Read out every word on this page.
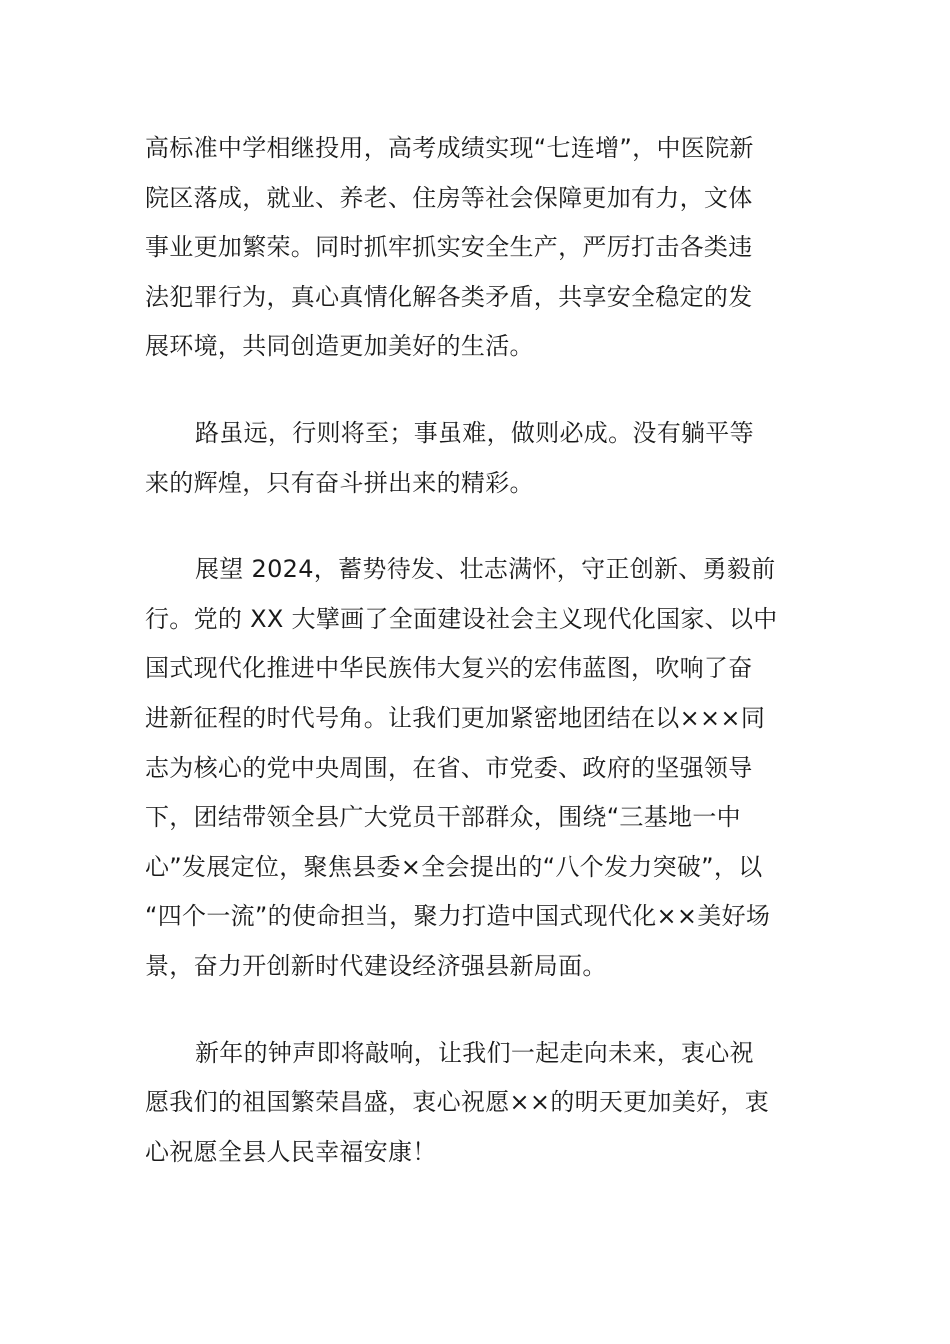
高标准中学相继投用，高考成绩实现“七连增”，中医院新
院区落成，就业、养老、住房等社会保障更加有力，文体
事业更加繁荣。同时抓牢抓实安全生产，严厉打击各类违
法犯罪行为，真心真情化解各类矛盾，共享安全稳定的发
展环境，共同创造更加美好的生活。

路虽远，行则将至；事虽难，做则必成。没有躺平等
来的辉煌，只有奋斗拼出来的精彩。

展望 2024，蓄势待发、壮志满怀，守正创新、勇毅前
行。党的 XX 大擘画了全面建设社会主义现代化国家、以中
国式现代化推进中华民族伟大复兴的宏伟蓝图，吹响了奋
进新征程的时代号角。让我们更加紧密地团结在以×××同
志为核心的党中央周围，在省、市党委、政府的坚强领导
下，团结带领全县广大党员干部群众，围绕“三基地一中
心”发展定位，聚焦县委×全会提出的“八个发力突破”，以
“四个一流”的使命担当，聚力打造中国式现代化××美好场
景，奋力开创新时代建设经济强县新局面。

新年的钟声即将敲响，让我们一起走向未来，衷心祝
愿我们的祖国繁荣昌盛，衷心祝愿××的明天更加美好，衷
心祝愿全县人民幸福安康！
